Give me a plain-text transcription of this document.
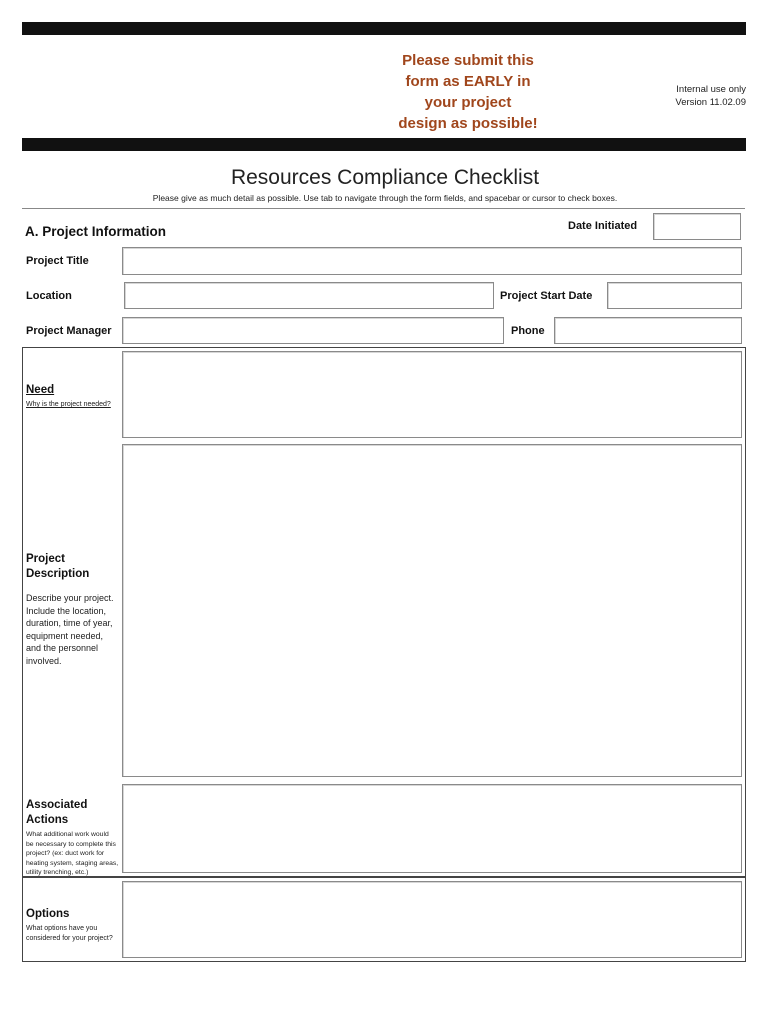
Please submit this
form as EARLY in
your project
design as possible!
Internal use only
Version 11.02.09
Resources Compliance Checklist
Please give as much detail as possible. Use tab to navigate through the form fields, and spacebar or cursor to check boxes.
A. Project Information	Date Initiated
Project Title
Location	Project Start Date
Project Manager	Phone
Need
Why is the project needed?
Project
Description
Describe your project.
Include the location,
duration, time of year,
equipment needed,
and the personnel
involved.
Associated
Actions
What additional work would
be necessary to complete this
project? (ex: duct work for
heating system, staging areas,
utility trenching, etc.)
Options
What options have you
considered for your project?
